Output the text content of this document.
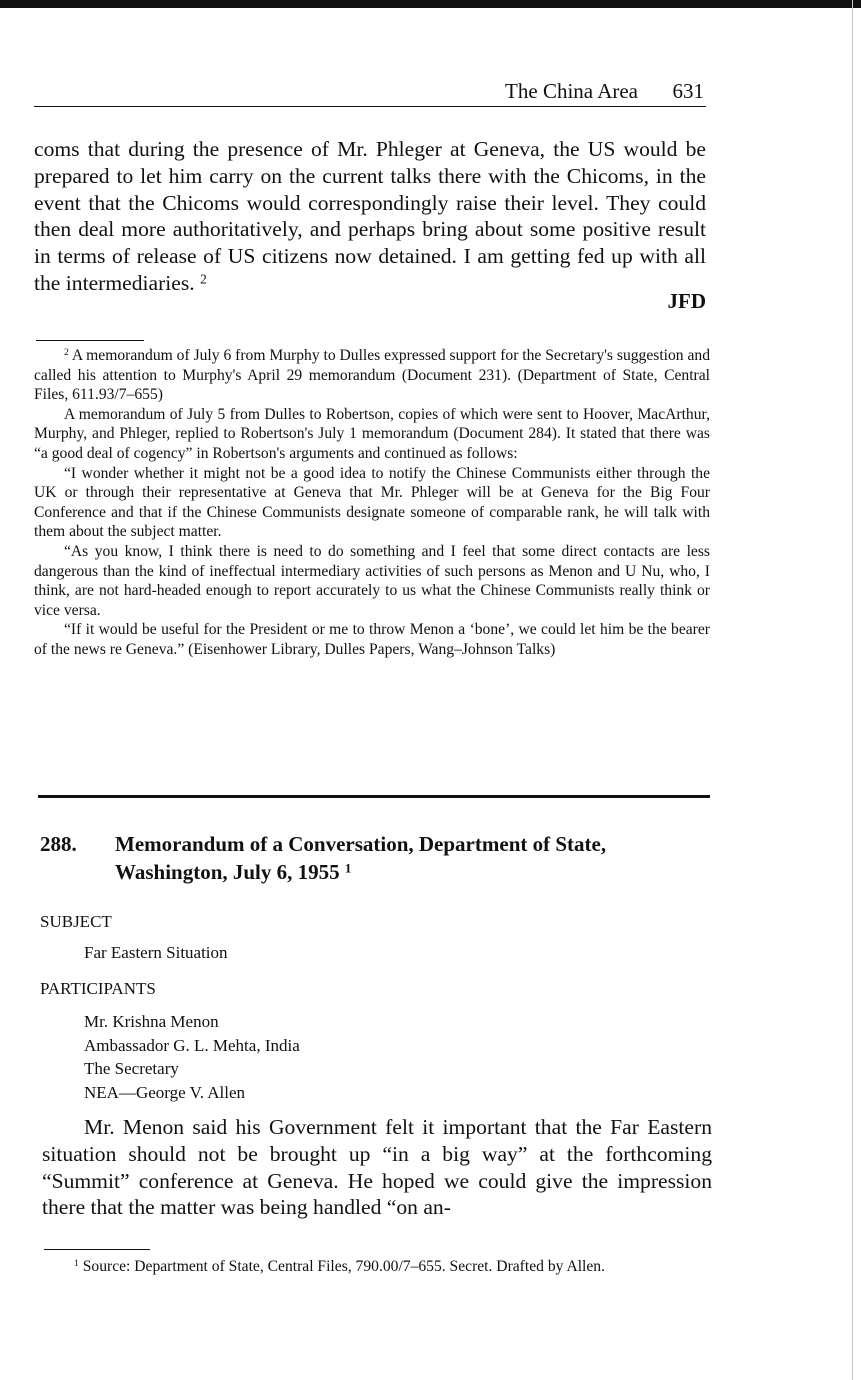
The China Area 631

coms that during the presence of Mr. Phleger at Geneva, the US would be prepared to let him carry on the current talks there with the Chicoms, in the event that the Chicoms would correspondingly raise their level. They could then deal more authoritatively, and perhaps bring about some positive result in terms of release of US citizens now detained. I am getting fed up with all the intermediaries. $^2$

JFD

$^2$ A memorandum of July 6 from Murphy to Dulles expressed support for the Secretary's suggestion and called his attention to Murphy's April 29 memorandum (Document 231). (Department of State, Central Files, 611.93/7–655)

A memorandum of July 5 from Dulles to Robertson, copies of which were sent to Hoover, MacArthur, Murphy, and Phleger, replied to Robertson's July 1 memorandum (Document 284). It stated that there was “a good deal of cogency” in Robertson's arguments and continued as follows:

“I wonder whether it might not be a good idea to notify the Chinese Communists either through the UK or through their representative at Geneva that Mr. Phleger will be at Geneva for the Big Four Conference and that if the Chinese Communists designate someone of comparable rank, he will talk with them about the subject matter.

“As you know, I think there is need to do something and I feel that some direct contacts are less dangerous than the kind of ineffectual intermediary activities of such persons as Menon and U Nu, who, I think, are not hard-headed enough to report accurately to us what the Chinese Communists really think or vice versa.

“If it would be useful for the President or me to throw Menon a ‘bone’, we could let him be the bearer of the news re Geneva.” (Eisenhower Library, Dulles Papers, Wang–Johnson Talks)

288. Memorandum of a Conversation, Department of State, Washington, July 6, 1955 $^1$
SUBJECT
Far Eastern Situation
PARTICIPANTS
Mr. Krishna Menon
Ambassador G. L. Mehta, India
The Secretary
NEA—George V. Allen

Mr. Menon said his Government felt it important that the Far Eastern situation should not be brought up “in a big way” at the forthcoming “Summit” conference at Geneva. He hoped we could give the impression there that the matter was being handled “on an-

$^1$ Source: Department of State, Central Files, 790.00/7–655. Secret. Drafted by Allen.
